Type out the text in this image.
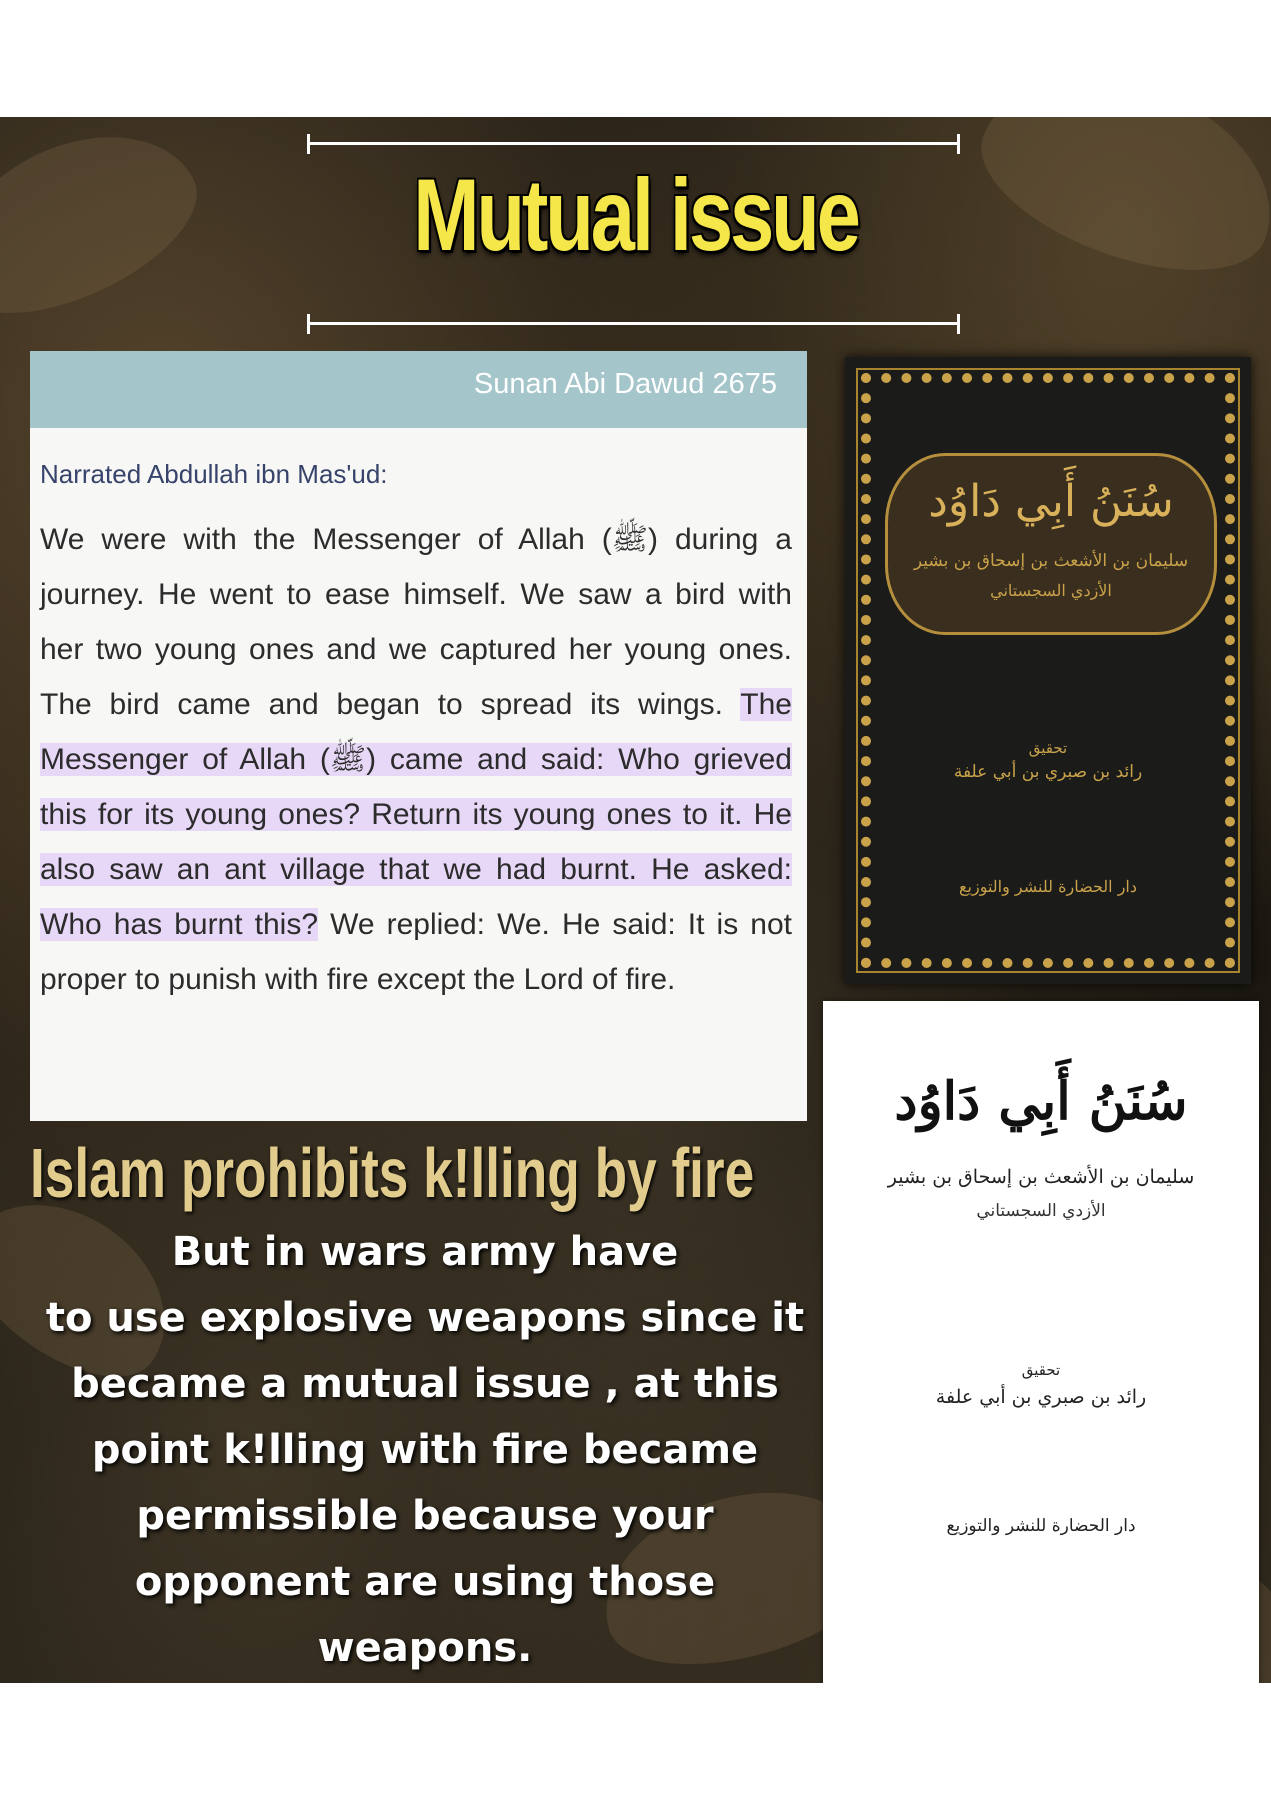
Mutual issue
Sunan Abi Dawud 2675
Narrated Abdullah ibn Mas'ud:
We were with the Messenger of Allah (ﷺ) during a journey. He went to ease himself. We saw a bird with her two young ones and we captured her young ones. The bird came and began to spread its wings. The Messenger of Allah (ﷺ) came and said: Who grieved this for its young ones? Return its young ones to it. He also saw an ant village that we had burnt. He asked: Who has burnt this? We replied: We. He said: It is not proper to punish with fire except the Lord of fire.
Islam prohibits k!lling by fire
But in wars army have
to use explosive weapons since it
became a mutual issue , at this
point k!lling with fire became
permissible because your
opponent are using those
weapons.
سُنَنُ أَبِي دَاوُد
سليمان بن الأشعث بن إسحاق بن بشير
الأزدي السجستاني
تحقيق
رائد بن صبري بن أبي علفة
دار الحضارة للنشر والتوزيع
سُنَنُ أَبِي دَاوُد
سليمان بن الأشعث بن إسحاق بن بشير
الأزدي السجستاني
تحقيق
رائد بن صبري بن أبي علفة
دار الحضارة للنشر والتوزيع
